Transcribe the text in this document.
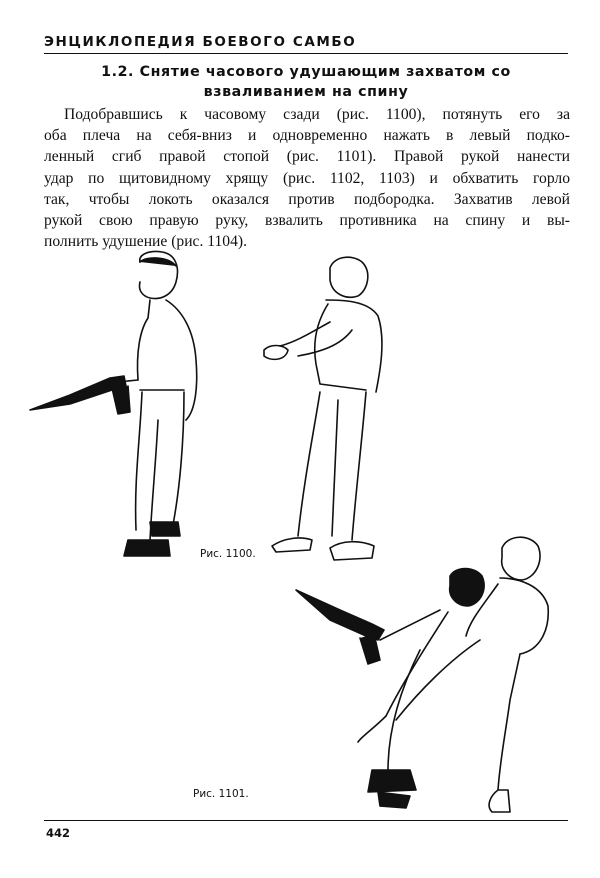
ЭНЦИКЛОПЕДИЯ БОЕВОГО САМБО
1.2. Снятие часового удушающим захватом со
взваливанием на спину
Подобравшись к часовому сзади (рис. 1100), потянуть его за
оба плеча на себя-вниз и одновременно нажать в левый подко-
ленный сгиб правой стопой (рис. 1101). Правой рукой нанести
удар по щитовидному хрящу (рис. 1102, 1103) и обхватить горло
так, чтобы локоть оказался против подбородка. Захватив левой
рукой свою правую руку, взвалить противника на спину и вы-
полнить удушение (рис. 1104).
Рис. 1100.
Рис. 1101.
442
